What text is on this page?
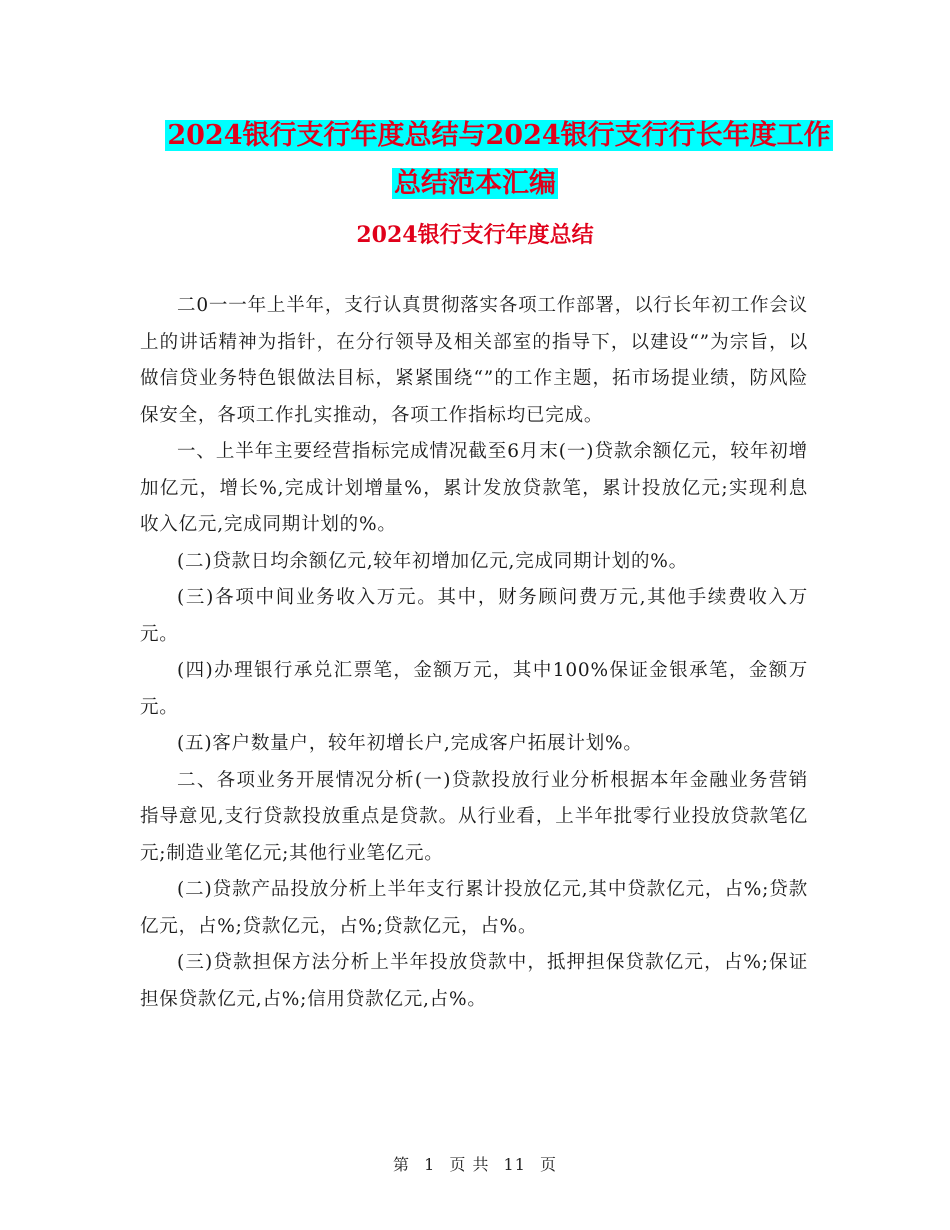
2024银行支行年度总结与2024银行支行行长年度工作
总结范本汇编
2024银行支行年度总结

二0一一年上半年，支行认真贯彻落实各项工作部署，以行长年初工作会议上的讲话精神为指针，在分行领导及相关部室的指导下，以建设“”为宗旨，以做信贷业务特色银做法目标，紧紧围绕“”的工作主题，拓市场提业绩，防风险保安全，各项工作扎实推动，各项工作指标均已完成。

一、上半年主要经营指标完成情况截至6月末(一)贷款余额亿元，较年初增加亿元，增长%,完成计划增量%，累计发放贷款笔，累计投放亿元;实现利息收入亿元,完成同期计划的%。

(二)贷款日均余额亿元,较年初增加亿元,完成同期计划的%。

(三)各项中间业务收入万元。其中，财务顾问费万元,其他手续费收入万元。

(四)办理银行承兑汇票笔，金额万元，其中100%保证金银承笔，金额万元。

(五)客户数量户，较年初增长户,完成客户拓展计划%。

二、各项业务开展情况分析(一)贷款投放行业分析根据本年金融业务营销指导意见,支行贷款投放重点是贷款。从行业看，上半年批零行业投放贷款笔亿元;制造业笔亿元;其他行业笔亿元。

(二)贷款产品投放分析上半年支行累计投放亿元,其中贷款亿元，占%;贷款亿元，占%;贷款亿元，占%;贷款亿元，占%。

(三)贷款担保方法分析上半年投放贷款中，抵押担保贷款亿元，占%;保证担保贷款亿元,占%;信用贷款亿元,占%。

第 1 页 共 11 页
